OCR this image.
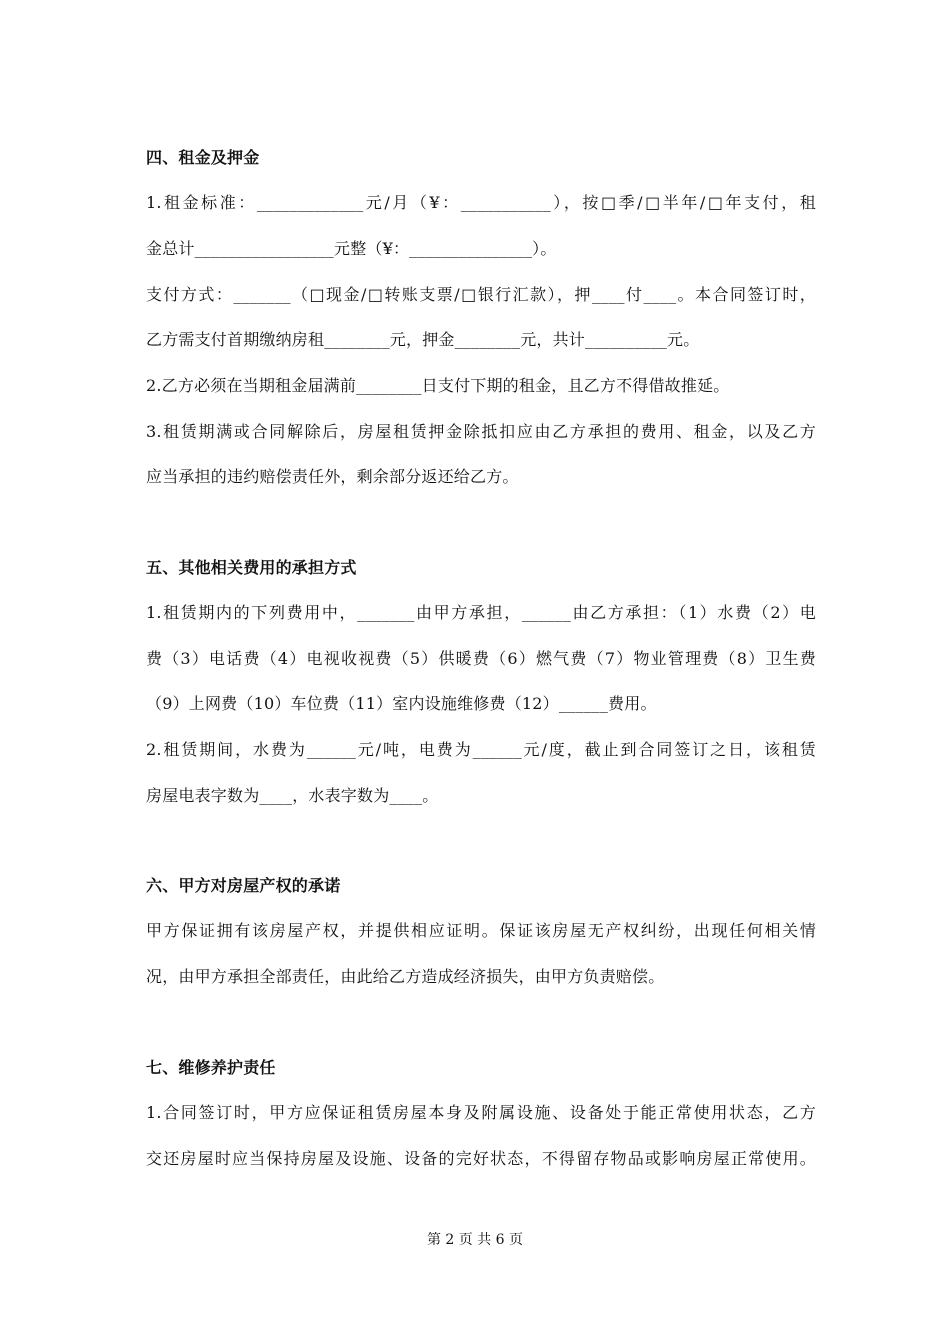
四、租金及押金
1.租金标准：_____________元/月（¥：___________），按□季/□半年/□年支付，租
金总计_________________元整（¥：_______________）。
支付方式：_______（□现金/□转账支票/□银行汇款），押____付____。本合同签订时，
乙方需支付首期缴纳房租________元，押金________元，共计__________元。
2.乙方必须在当期租金届满前________日支付下期的租金，且乙方不得借故推延。
3.租赁期满或合同解除后，房屋租赁押金除抵扣应由乙方承担的费用、租金，以及乙方
应当承担的违约赔偿责任外，剩余部分返还给乙方。
五、其他相关费用的承担方式
1.租赁期内的下列费用中，_______由甲方承担，______由乙方承担：（1）水费（2）电
费（3）电话费（4）电视收视费（5）供暖费（6）燃气费（7）物业管理费（8）卫生费
（9）上网费（10）车位费（11）室内设施维修费（12）______费用。
2.租赁期间，水费为______元/吨，电费为______元/度，截止到合同签订之日，该租赁
房屋电表字数为____，水表字数为____。
六、甲方对房屋产权的承诺
甲方保证拥有该房屋产权，并提供相应证明。保证该房屋无产权纠纷，出现任何相关情
况，由甲方承担全部责任，由此给乙方造成经济损失，由甲方负责赔偿。
七、维修养护责任
1.合同签订时，甲方应保证租赁房屋本身及附属设施、设备处于能正常使用状态，乙方
交还房屋时应当保持房屋及设施、设备的完好状态，不得留存物品或影响房屋正常使用。
第 2 页 共 6 页
